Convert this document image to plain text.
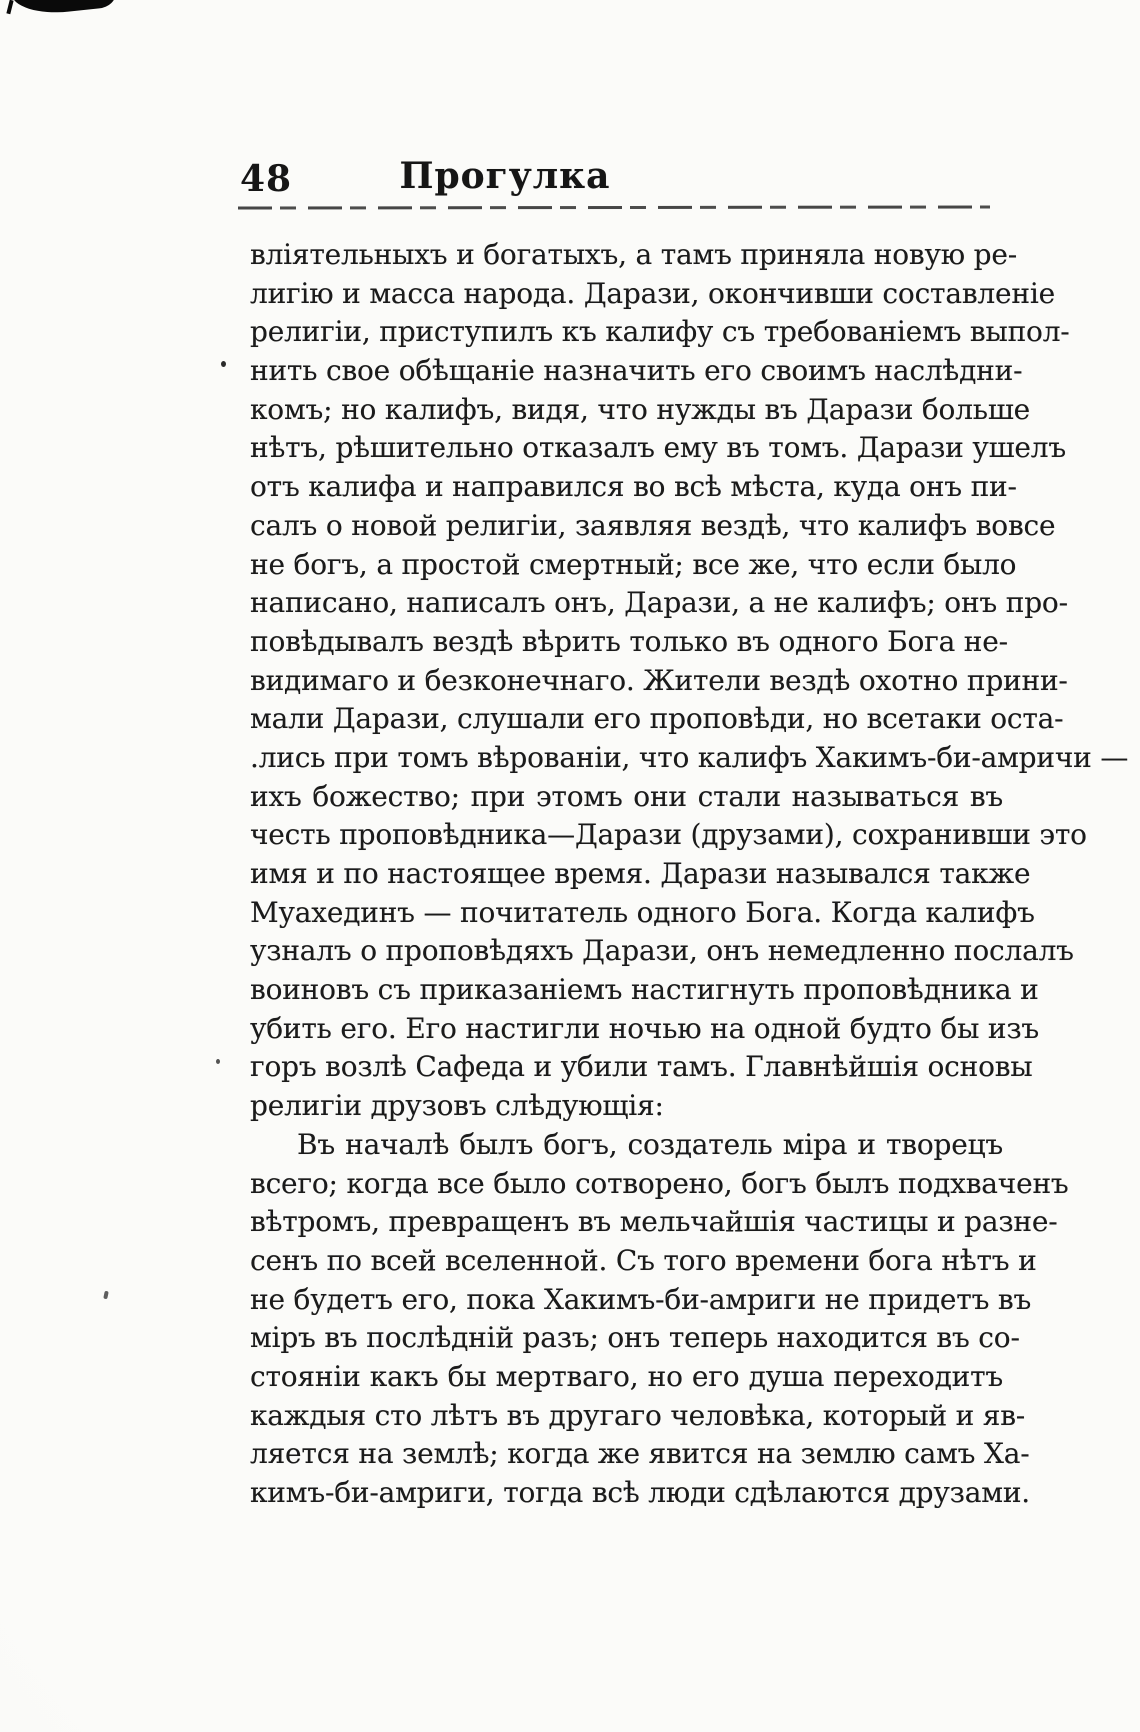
48	Прогулка
вліятельныхъ и богатыхъ, а тамъ приняла новую ре-
лигію и масса народа. Дарази, окончивши составленіе
религіи, приступилъ къ калифу съ требованіемъ выпол-
нить свое обѣщаніе назначить его своимъ наслѣдни-
комъ; но калифъ, видя, что нужды въ Дарази больше
нѣтъ, рѣшительно отказалъ ему въ томъ. Дарази ушелъ
отъ калифа и направился во всѣ мѣста, куда онъ пи-
салъ о новой религіи, заявляя вездѣ, что калифъ вовсе
не богъ, а простой смертный; все же, что если было
написано, написалъ онъ, Дарази, а не калифъ; онъ про-
повѣдывалъ вездѣ вѣрить только въ одного Бога не-
видимаго и безконечнаго. Жители вездѣ охотно прини-
мали Дарази, слушали его проповѣди, но всетаки оста-
.лись при томъ вѣрованіи, что калифъ Хакимъ-би-амричи —
ихъ божество; при этомъ они стали называться въ
честь проповѣдника—Дарази (друзами), сохранивши это
имя и по настоящее время. Дарази назывался также
Муахединъ — почитатель одного Бога. Когда калифъ
узналъ о проповѣдяхъ Дарази, онъ немедленно послалъ
воиновъ съ приказаніемъ настигнуть проповѣдника и
убить его. Его настигли ночью на одной будто бы изъ
горъ возлѣ Сафеда и убили тамъ. Главнѣйшія основы
религіи друзовъ слѣдующія:
Въ началѣ былъ богъ, создатель міра и творецъ
всего; когда все было сотворено, богъ былъ подхваченъ
вѣтромъ, превращенъ въ мельчайшія частицы и разне-
сенъ по всей вселенной. Съ того времени бога нѣтъ и
не будетъ его, пока Хакимъ-би-амриги не придетъ въ
міръ въ послѣдній разъ; онъ теперь находится въ со-
стояніи какъ бы мертваго, но его душа переходитъ
каждыя сто лѣтъ въ другаго человѣка, который и яв-
ляется на землѣ; когда же явится на землю самъ Ха-
кимъ-би-амриги, тогда всѣ люди сдѣлаются друзами.
